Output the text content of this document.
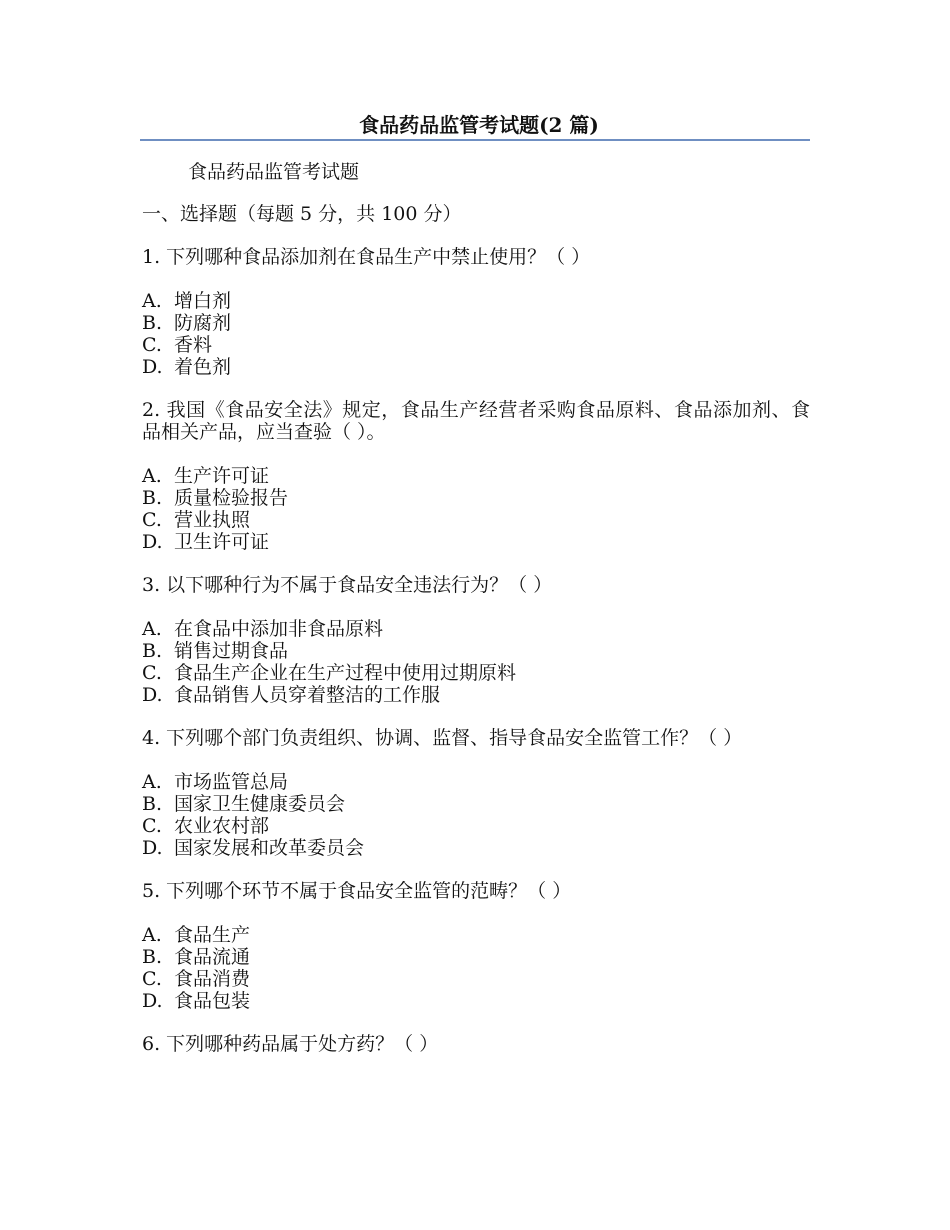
食品药品监管考试题(2 篇)
食品药品监管考试题
一、选择题（每题 5 分，共 100 分）
1. 下列哪种食品添加剂在食品生产中禁止使用？（ ）
A. 增白剂
B. 防腐剂
C. 香料
D. 着色剂
2. 我国《食品安全法》规定，食品生产经营者采购食品原料、食品添加剂、食品相关产品，应当查验（ ）。
A. 生产许可证
B. 质量检验报告
C. 营业执照
D. 卫生许可证
3. 以下哪种行为不属于食品安全违法行为？（ ）
A. 在食品中添加非食品原料
B. 销售过期食品
C. 食品生产企业在生产过程中使用过期原料
D. 食品销售人员穿着整洁的工作服
4. 下列哪个部门负责组织、协调、监督、指导食品安全监管工作？（ ）
A. 市场监管总局
B. 国家卫生健康委员会
C. 农业农村部
D. 国家发展和改革委员会
5. 下列哪个环节不属于食品安全监管的范畴？（ ）
A. 食品生产
B. 食品流通
C. 食品消费
D. 食品包装
6. 下列哪种药品属于处方药？（ ）
